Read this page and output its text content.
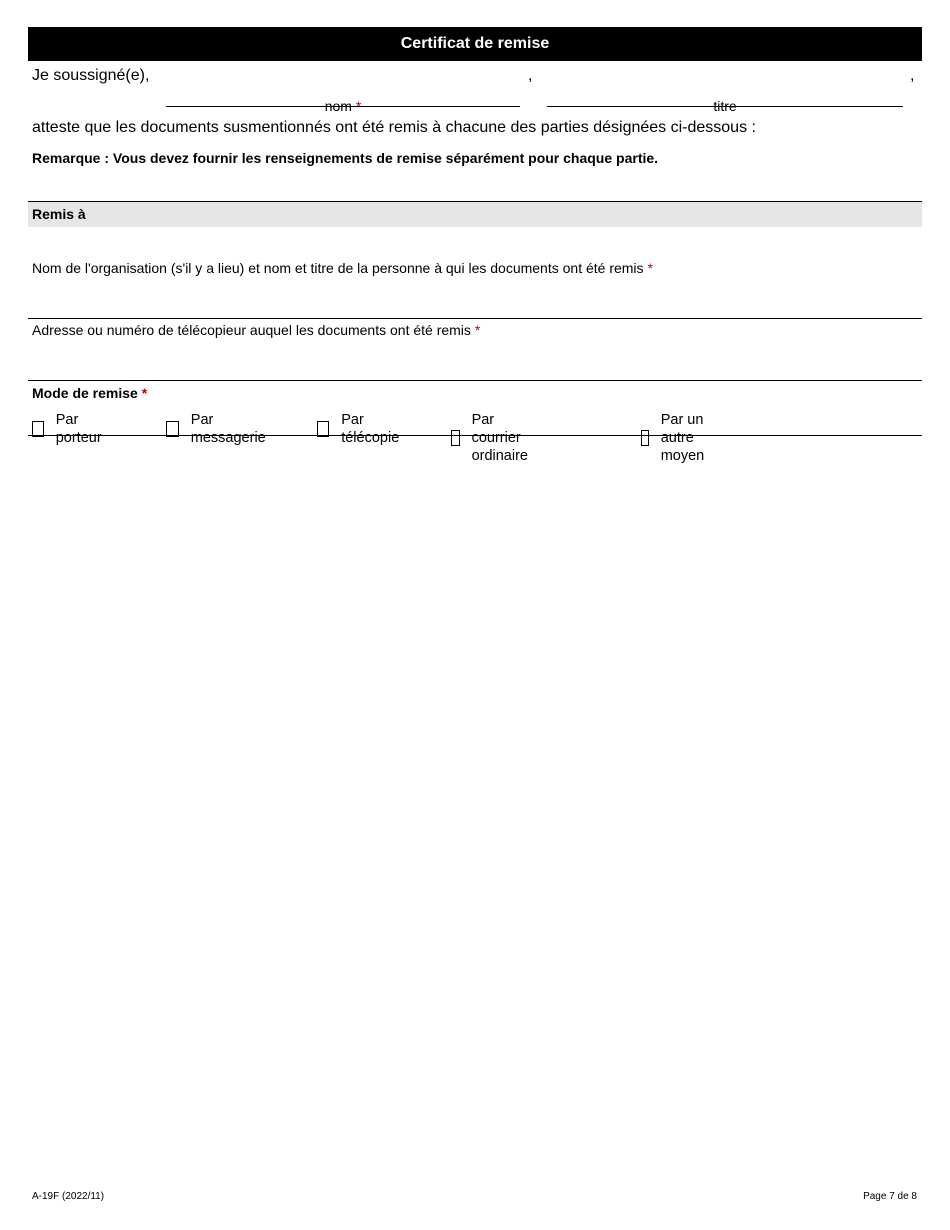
Certificat de remise
Je soussigné(e),	,	,
nom *	titre
atteste que les documents susmentionnés ont été remis à chacune des parties désignées ci-dessous :
Remarque : Vous devez fournir les renseignements de remise séparément pour chaque partie.
Remis à
Nom de l'organisation (s'il y a lieu) et nom et titre de la personne à qui les documents ont été remis *
Adresse ou numéro de télécopieur auquel les documents ont été remis *
Mode de remise *
Par porteur
Par messagerie
Par télécopie
Par courrier ordinaire
Par un autre moyen
A-19F (2022/11)	Page 7 de 8
